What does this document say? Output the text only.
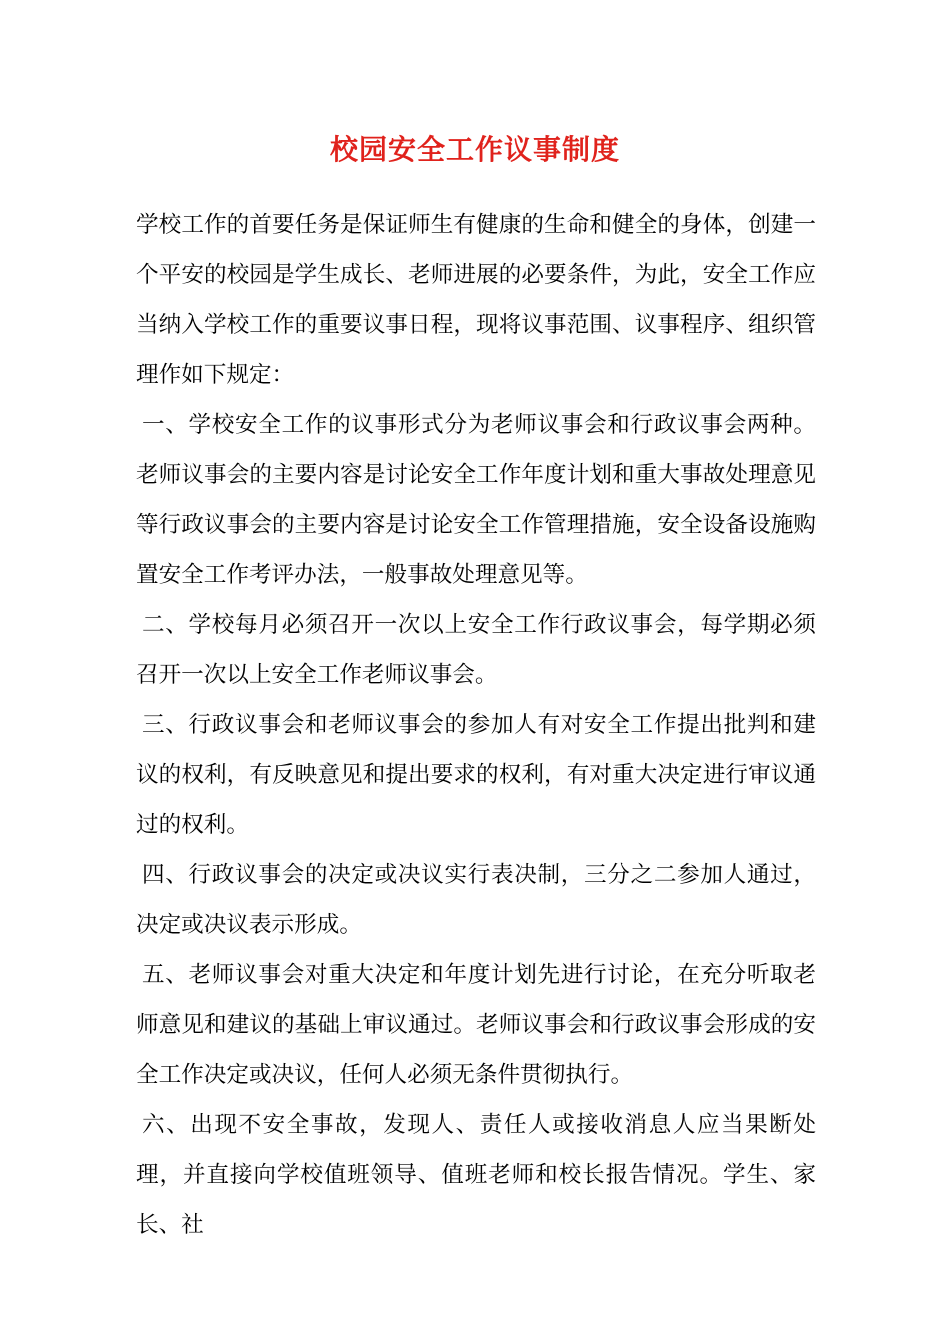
校园安全工作议事制度

学校工作的首要任务是保证师生有健康的生命和健全的身体，创建一个平安的校园是学生成长、老师进展的必要条件，为此，安全工作应当纳入学校工作的重要议事日程，现将议事范围、议事程序、组织管理作如下规定：

一、学校安全工作的议事形式分为老师议事会和行政议事会两种。老师议事会的主要内容是讨论安全工作年度计划和重大事故处理意见等行政议事会的主要内容是讨论安全工作管理措施，安全设备设施购置安全工作考评办法，一般事故处理意见等。

二、学校每月必须召开一次以上安全工作行政议事会，每学期必须召开一次以上安全工作老师议事会。

三、行政议事会和老师议事会的参加人有对安全工作提出批判和建议的权利，有反映意见和提出要求的权利，有对重大决定进行审议通过的权利。

四、行政议事会的决定或决议实行表决制，三分之二参加人通过，决定或决议表示形成。

五、老师议事会对重大决定和年度计划先进行讨论，在充分听取老师意见和建议的基础上审议通过。老师议事会和行政议事会形成的安全工作决定或决议，任何人必须无条件贯彻执行。

六、出现不安全事故，发现人、责任人或接收消息人应当果断处理，并直接向学校值班领导、值班老师和校长报告情况。学生、家长、社
